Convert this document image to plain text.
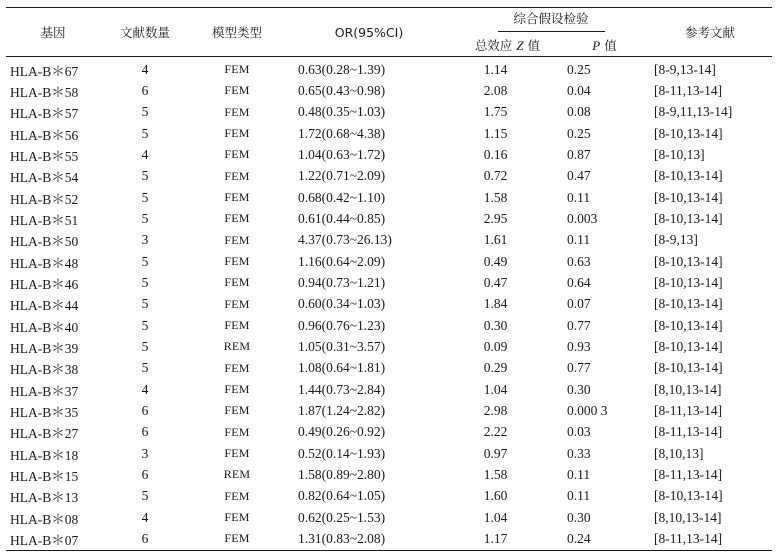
基因	文献数量	模型类型	OR(95%CI)	综合假设检验		参考文献
				总效应 Z 值	P 值	
HLA-B＊67	4	FEM	0.63(0.28~1.39)	1.14	0.25	[8-9,13-14]
HLA-B＊58	6	FEM	0.65(0.43~0.98)	2.08	0.04	[8-11,13-14]
HLA-B＊57	5	FEM	0.48(0.35~1.03)	1.75	0.08	[8-9,11,13-14]
HLA-B＊56	5	FEM	1.72(0.68~4.38)	1.15	0.25	[8-10,13-14]
HLA-B＊55	4	FEM	1.04(0.63~1.72)	0.16	0.87	[8-10,13]
HLA-B＊54	5	FEM	1.22(0.71~2.09)	0.72	0.47	[8-10,13-14]
HLA-B＊52	5	FEM	0.68(0.42~1.10)	1.58	0.11	[8-10,13-14]
HLA-B＊51	5	FEM	0.61(0.44~0.85)	2.95	0.003	[8-10,13-14]
HLA-B＊50	3	FEM	4.37(0.73~26.13)	1.61	0.11	[8-9,13]
HLA-B＊48	5	FEM	1.16(0.64~2.09)	0.49	0.63	[8-10,13-14]
HLA-B＊46	5	FEM	0.94(0.73~1.21)	0.47	0.64	[8-10,13-14]
HLA-B＊44	5	FEM	0.60(0.34~1.03)	1.84	0.07	[8-10,13-14]
HLA-B＊40	5	FEM	0.96(0.76~1.23)	0.30	0.77	[8-10,13-14]
HLA-B＊39	5	REM	1.05(0.31~3.57)	0.09	0.93	[8-10,13-14]
HLA-B＊38	5	FEM	1.08(0.64~1.81)	0.29	0.77	[8-10,13-14]
HLA-B＊37	4	FEM	1.44(0.73~2.84)	1.04	0.30	[8,10,13-14]
HLA-B＊35	6	FEM	1.87(1.24~2.82)	2.98	0.000 3	[8-11,13-14]
HLA-B＊27	6	FEM	0.49(0.26~0.92)	2.22	0.03	[8-11,13-14]
HLA-B＊18	3	FEM	0.52(0.14~1.93)	0.97	0.33	[8,10,13]
HLA-B＊15	6	REM	1.58(0.89~2.80)	1.58	0.11	[8-11,13-14]
HLA-B＊13	5	FEM	0.82(0.64~1.05)	1.60	0.11	[8-10,13-14]
HLA-B＊08	4	FEM	0.62(0.25~1.53)	1.04	0.30	[8,10,13-14]
HLA-B＊07	6	FEM	1.31(0.83~2.08)	1.17	0.24	[8-11,13-14]
